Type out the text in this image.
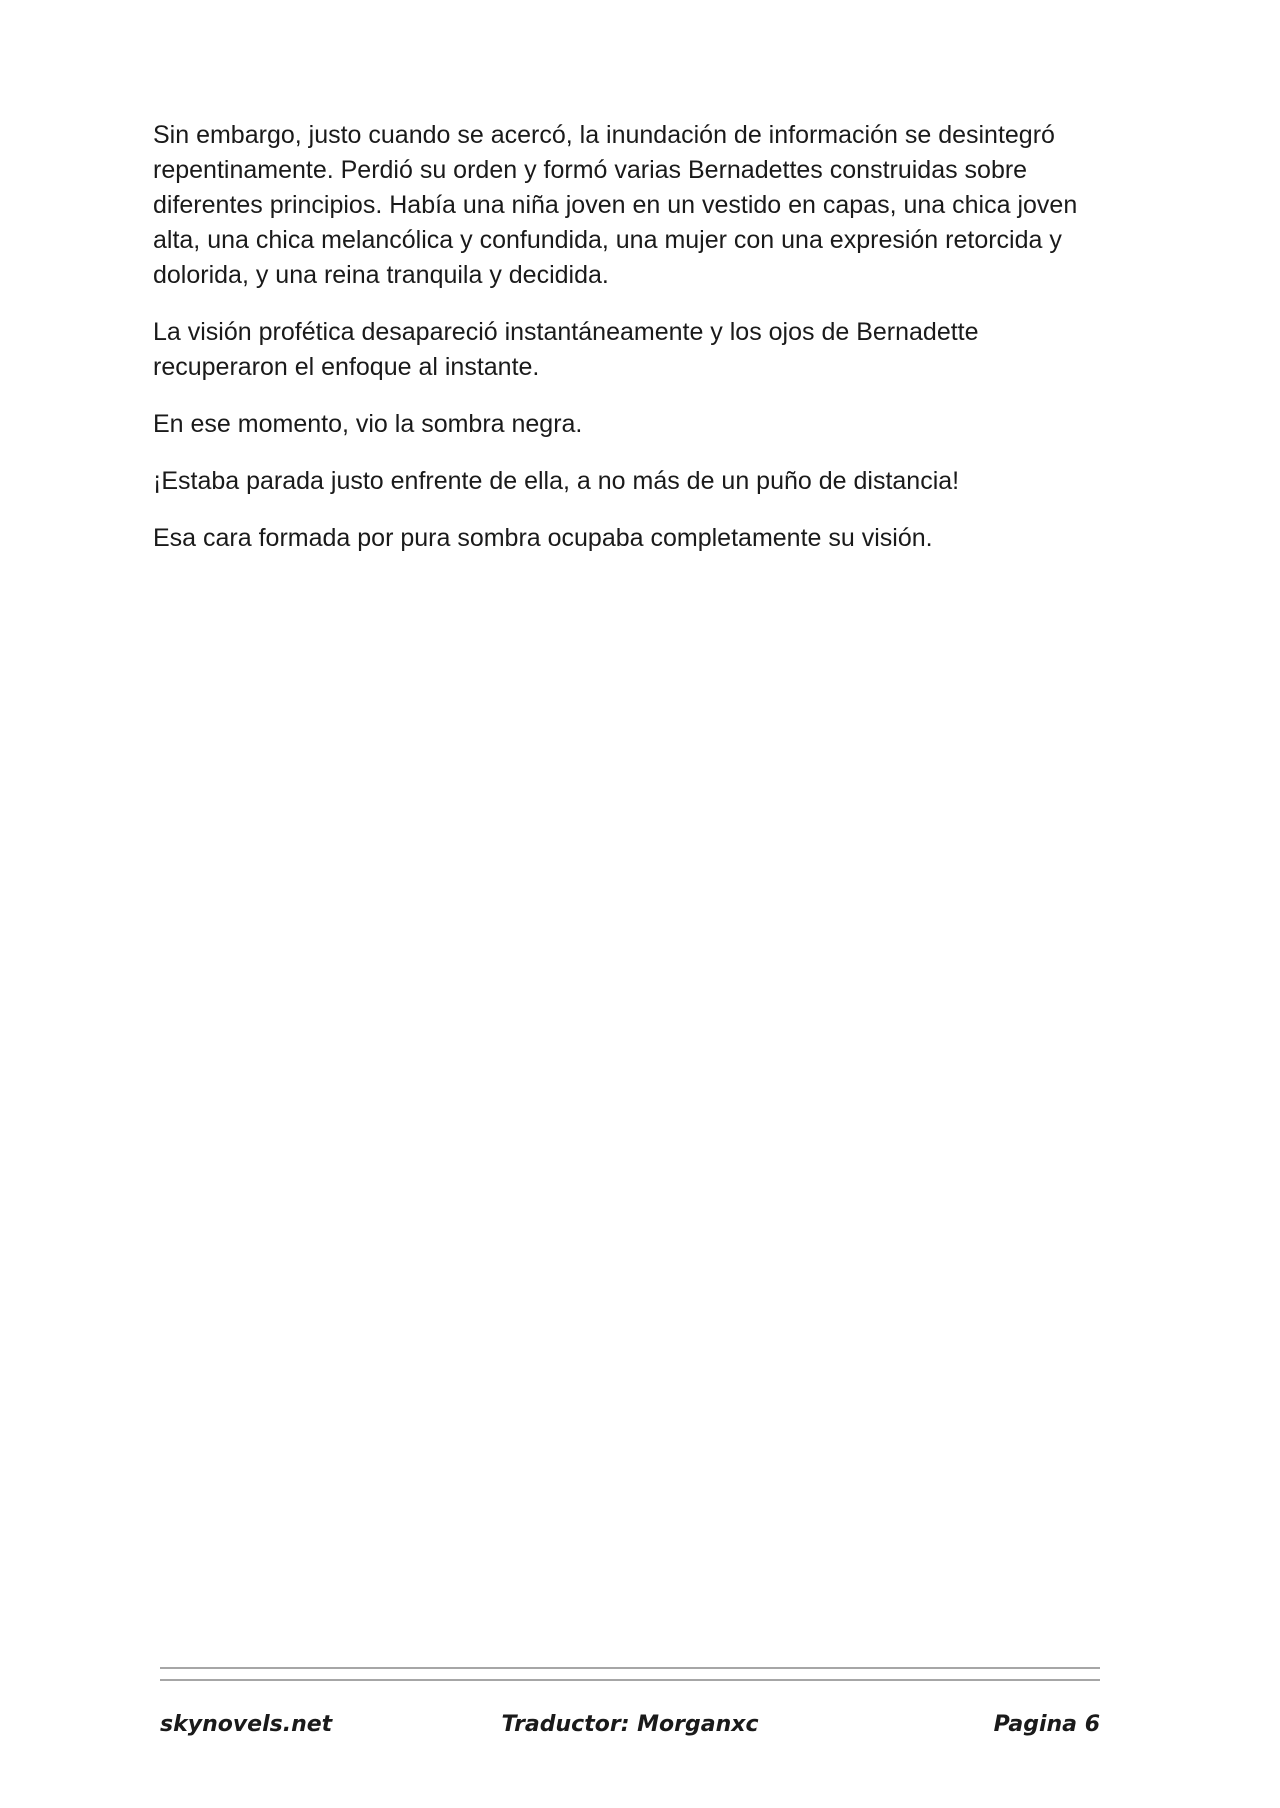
Sin embargo, justo cuando se acercó, la inundación de información se desintegró repentinamente. Perdió su orden y formó varias Bernadettes construidas sobre diferentes principios. Había una niña joven en un vestido en capas, una chica joven alta, una chica melancólica y confundida, una mujer con una expresión retorcida y dolorida, y una reina tranquila y decidida.

La visión profética desapareció instantáneamente y los ojos de Bernadette recuperaron el enfoque al instante.

En ese momento, vio la sombra negra.

¡Estaba parada justo enfrente de ella, a no más de un puño de distancia!

Esa cara formada por pura sombra ocupaba completamente su visión.

skynovels.net	Traductor: Morganxc	Pagina 6
